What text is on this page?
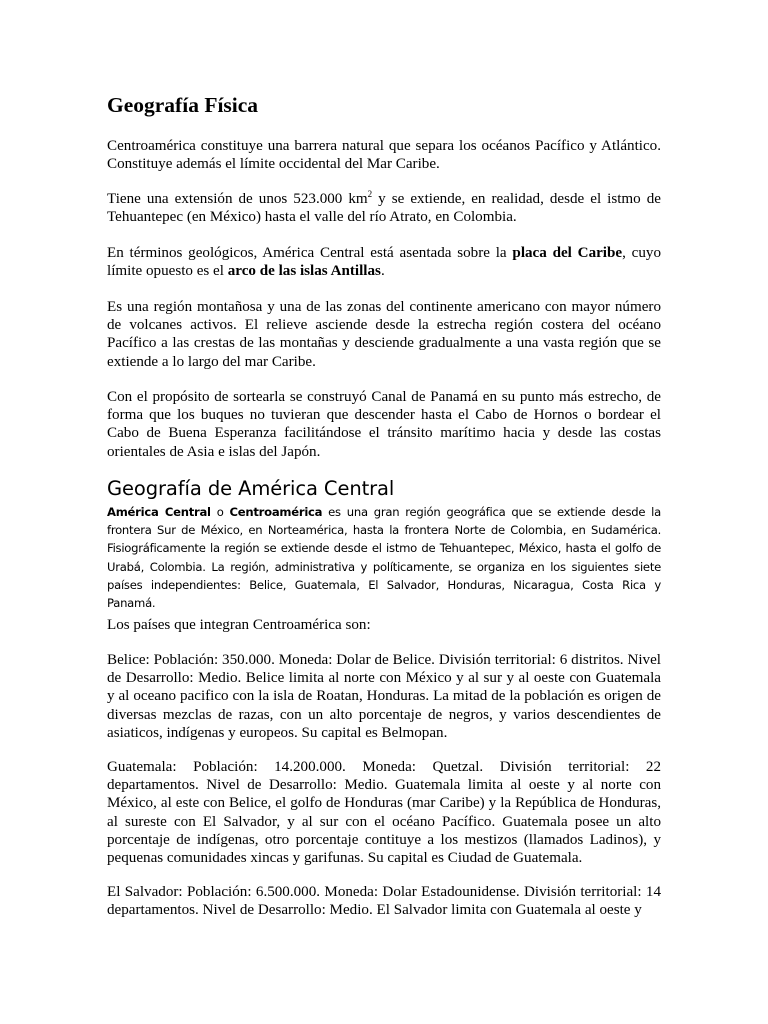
Geografía Física

Centroamérica constituye una barrera natural que separa los océanos Pacífico y Atlántico. Constituye además el límite occidental del Mar Caribe.

Tiene una extensión de unos 523.000 $km^2$ y se extiende, en realidad, desde el istmo de Tehuantepec (en México) hasta el valle del río Atrato, en Colombia.

En términos geológicos, América Central está asentada sobre la placa del Caribe, cuyo límite opuesto es el arco de las islas Antillas.

Es una región montañosa y una de las zonas del continente americano con mayor número de volcanes activos. El relieve asciende desde la estrecha región costera del océano Pacífico a las crestas de las montañas y desciende gradualmente a una vasta región que se extiende a lo largo del mar Caribe.

Con el propósito de sortearla se construyó Canal de Panamá en su punto más estrecho, de forma que los buques no tuvieran que descender hasta el Cabo de Hornos o bordear el Cabo de Buena Esperanza facilitándose el tránsito marítimo hacia y desde las costas orientales de Asia e islas del Japón.

Geografía de América Central

América Central o Centroamérica es una gran región geográfica que se extiende desde la frontera Sur de México, en Norteamérica, hasta la frontera Norte de Colombia, en Sudamérica. Fisiográficamente la región se extiende desde el istmo de Tehuantepec, México, hasta el golfo de Urabá, Colombia. La región, administrativa y políticamente, se organiza en los siguientes siete países independientes: Belice, Guatemala, El Salvador, Honduras, Nicaragua, Costa Rica y Panamá.

Los países que integran Centroamérica son:

Belice: Población: 350.000. Moneda: Dolar de Belice. División territorial: 6 distritos. Nivel de Desarrollo: Medio. Belice limita al norte con México y al sur y al oeste con Guatemala y al oceano pacifico con la isla de Roatan, Honduras. La mitad de la población es origen de diversas mezclas de razas, con un alto porcentaje de negros, y varios descendientes de asiaticos, indígenas y europeos. Su capital es Belmopan.

Guatemala: Población: 14.200.000. Moneda: Quetzal. División territorial: 22 departamentos. Nivel de Desarrollo: Medio. Guatemala limita al oeste y al norte con México, al este con Belice, el golfo de Honduras (mar Caribe) y la República de Honduras, al sureste con El Salvador, y al sur con el océano Pacífico. Guatemala posee un alto porcentaje de indígenas, otro porcentaje contituye a los mestizos (llamados Ladinos), y pequenas comunidades xincas y garifunas. Su capital es Ciudad de Guatemala.

El Salvador: Población: 6.500.000. Moneda: Dolar Estadounidense. División territorial: 14 departamentos. Nivel de Desarrollo: Medio. El Salvador limita con Guatemala al oeste y
